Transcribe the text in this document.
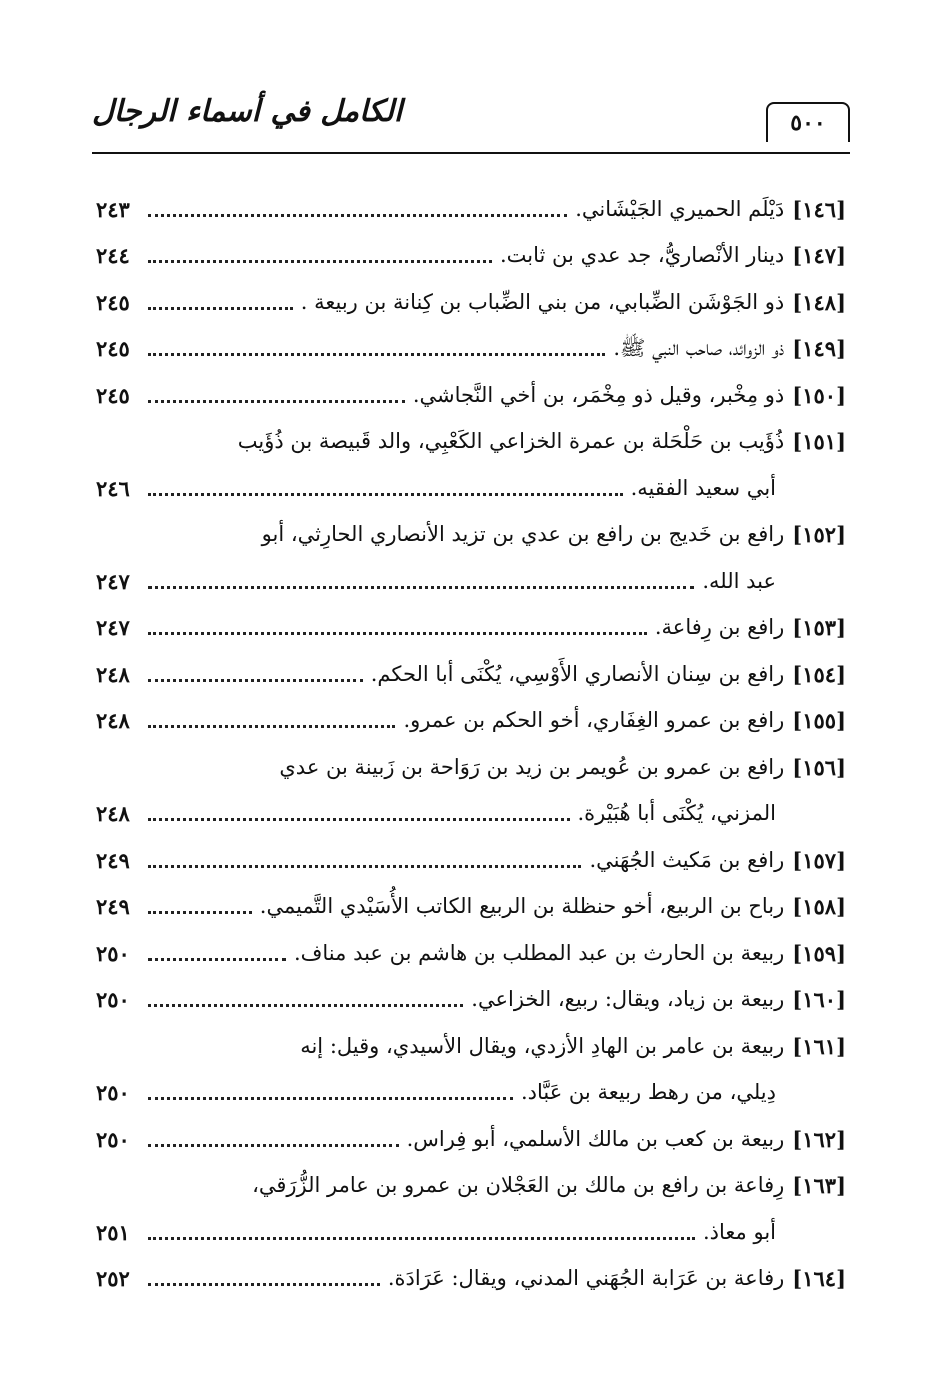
٥٠٠
الكامل في أسماء الرجال
[١٤٦]
دَيْلَم الحميري الجَيْشَاني.
٢٤٣
[١٤٧]
دينار الأنْصاريُّ، جد عدي بن ثابت.
٢٤٤
[١٤٨]
ذو الجَوْشَن الضِّبابي، من بني الضِّباب بن كِنانة بن ربيعة .
٢٤٥
[١٤٩]
ذو الزوائد، صاحب النبي ﷺ.
٢٤٥
[١٥٠]
ذو مِخْبر، وقيل ذو مِخْمَر، بن أخي النَّجاشي.
٢٤٥
[١٥١]
ذُؤَيب بن حَلْحَلة بن عمرة الخزاعي الكَعْبِي، والد قَبيصة بن ذُؤَيب
أبي سعيد الفقيه.
٢٤٦
[١٥٢]
رافع بن خَديج بن رافع بن عدي بن تزيد الأنصاري الحارِثي، أبو
عبد الله.
٢٤٧
[١٥٣]
رافع بن رِفاعة.
٢٤٧
[١٥٤]
رافع بن سِنان الأنصاري الأَوْسِي، يُكْنَى أبا الحكم.
٢٤٨
[١٥٥]
رافع بن عمرو الغِفَاري، أخو الحكم بن عمرو.
٢٤٨
[١٥٦]
رافع بن عمرو بن عُويمر بن زيد بن رَوَاحة بن زَبينة بن عدي
المزني، يُكْنَى أبا هُبَيْرة.
٢٤٨
[١٥٧]
رافع بن مَكيث الجُهَني.
٢٤٩
[١٥٨]
رباح بن الربيع، أخو حنظلة بن الربيع الكاتب الأُسَيْدي التَّميمي.
٢٤٩
[١٥٩]
ربيعة بن الحارث بن عبد المطلب بن هاشم بن عبد مناف.
٢٥٠
[١٦٠]
ربيعة بن زياد، ويقال: ربيع، الخزاعي.
٢٥٠
[١٦١]
ربيعة بن عامر بن الهادِ الأزدي، ويقال الأسيدي، وقيل: إنه
دِيلي، من رهط ربيعة بن عَبَّاد.
٢٥٠
[١٦٢]
ربيعة بن كعب بن مالك الأسلمي، أبو فِراس.
٢٥٠
[١٦٣]
رِفاعة بن رافع بن مالك بن العَجْلان بن عمرو بن عامر الزُّرَقي،
أبو معاذ.
٢٥١
[١٦٤]
رفاعة بن عَرَابة الجُهَني المدني، ويقال: عَرَادَة.
٢٥٢
